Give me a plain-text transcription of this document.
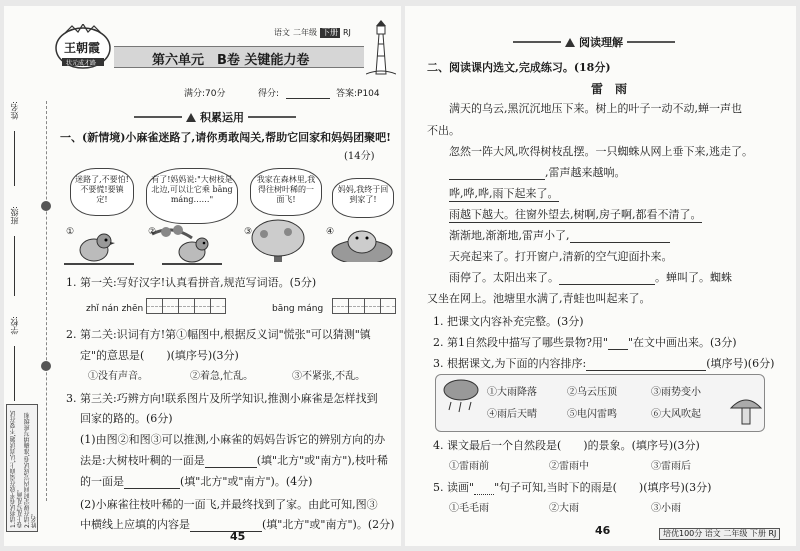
王朝霞
状元成才路
语文 二年级 下册 RJ
第六单元　B卷 关键能力卷
满分:70分	得分:	答案:P104
姓名:
班级:
学校:
1.请将试卷平放在桌面上,认真读题,不要在试卷上乱写乱画。 2.请在规定时间内完成试卷,准确填写班级和姓名。
积累运用
一、(新情境)小麻雀迷路了,请你勇敢闯关,帮助它回家和妈妈团聚吧!
(14分)
迷路了,不要怕!不要慌!要镇定!
有了!妈妈说:"大树枝是北边,可以让它乘 bāng máng……"
我家在森林里,我得往树叶稀的一面飞!
妈妈,我终于回到家了!
①	②	③	④
1. 第一关:写好汉字!认真看拼音,规范写词语。(5分)
zhǐ nán zhēn	bāng máng
2. 第二关:识词有方!第①幅图中,根据反义词"慌张"可以猜测"镇
定"的意思是(　　)(填序号)(3分)
①没有声音。	②着急,忙乱。	③不紧张,不乱。
3. 第三关:巧辨方向!联系图片及所学知识,推测小麻雀是怎样找到
回家的路的。(6分)
(1)由图②和图③可以推测,小麻雀的妈妈告诉它的辨别方向的办
法是:大树枝叶稠的一面是	(填"北方"或"南方"),枝叶稀
的一面是	(填"北方"或"南方")。(4分)
(2)小麻雀往枝叶稀的一面飞,并最终找到了家。由此可知,图③
中横线上应填的内容是	(填"北方"或"南方")。(2分)
45
阅读理解
二、阅读课内选文,完成练习。(18分)
雷　雨
满天的乌云,黑沉沉地压下来。树上的叶子一动不动,蝉一声也
不出。
忽然一阵大风,吹得树枝乱摆。一只蜘蛛从网上垂下来,逃走了。
,雷声越来越响。
哗,哗,哗,雨下起来了。
雨越下越大。往窗外望去,树啊,房子啊,都看不清了。
渐渐地,渐渐地,雷声小了,
天亮起来了。打开窗户,清新的空气迎面扑来。
雨停了。太阳出来了。	。蝉叫了。蜘蛛
又坐在网上。池塘里水满了,青蛙也叫起来了。
1. 把课文内容补充完整。(3分)
2. 第1自然段中描写了哪些景物?用" "在文中画出来。(3分)
3. 根据课文,为下面的内容排序:	(填序号)(6分)
①大雨降落	②乌云压顶	③雨势变小
④雨后天晴	⑤电闪雷鸣	⑥大风吹起
4. 课文最后一个自然段是(　　)的景象。(填序号)(3分)
①雷雨前	②雷雨中	③雷雨后
5. 读画" "句子可知,当时下的雨是(　　)(填序号)(3分)
①毛毛雨	②大雨	③小雨
46	培优100分 语文 二年级 下册 RJ
